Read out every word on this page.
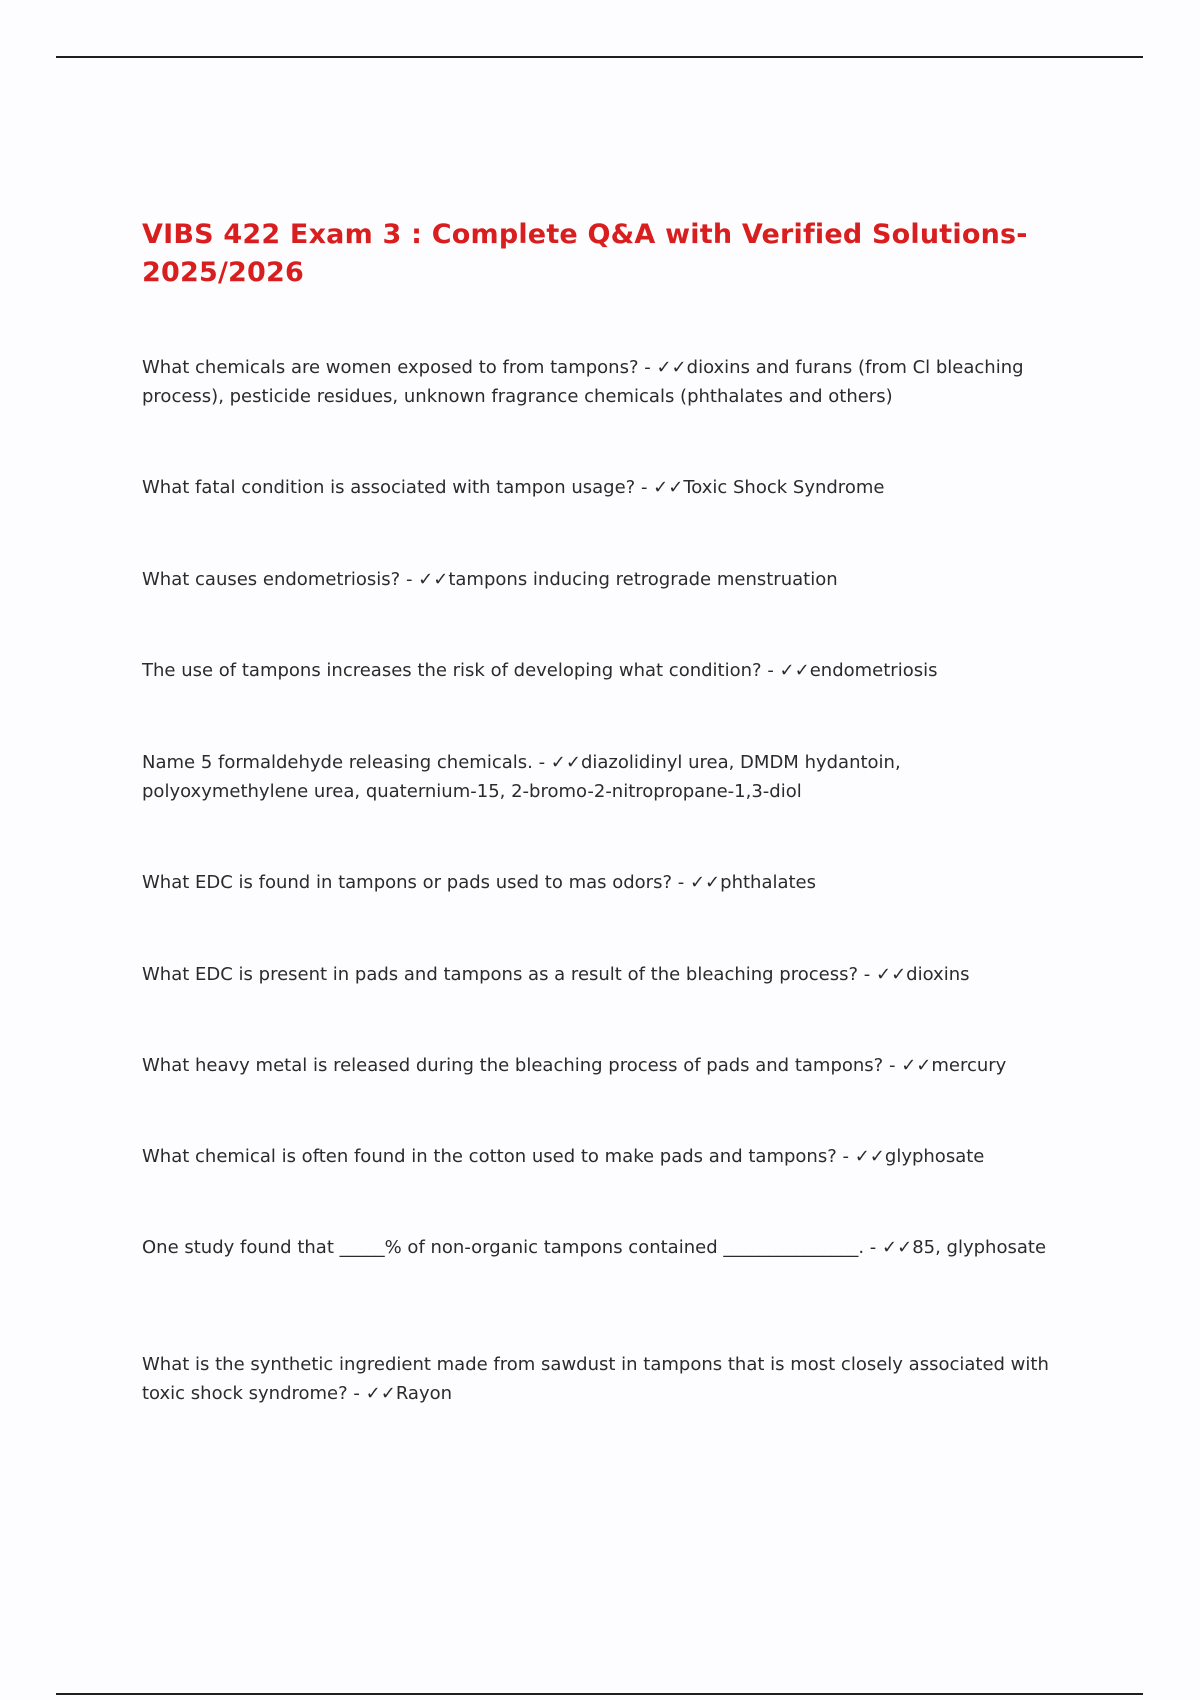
VIBS 422 Exam 3 : Complete Q&A with Verified Solutions-2025/2026

What chemicals are women exposed to from tampons? - ✓✓dioxins and furans (from Cl bleaching process), pesticide residues, unknown fragrance chemicals (phthalates and others)

What fatal condition is associated with tampon usage? - ✓✓Toxic Shock Syndrome

What causes endometriosis? - ✓✓tampons inducing retrograde menstruation

The use of tampons increases the risk of developing what condition? - ✓✓endometriosis

Name 5 formaldehyde releasing chemicals. - ✓✓diazolidinyl urea, DMDM hydantoin, polyoxymethylene urea, quaternium-15, 2-bromo-2-nitropropane-1,3-diol

What EDC is found in tampons or pads used to mas odors? - ✓✓phthalates

What EDC is present in pads and tampons as a result of the bleaching process? - ✓✓dioxins

What heavy metal is released during the bleaching process of pads and tampons? - ✓✓mercury

What chemical is often found in the cotton used to make pads and tampons? - ✓✓glyphosate

One study found that _____% of non-organic tampons contained _______________. - ✓✓85, glyphosate

What is the synthetic ingredient made from sawdust in tampons that is most closely associated with toxic shock syndrome? - ✓✓Rayon
